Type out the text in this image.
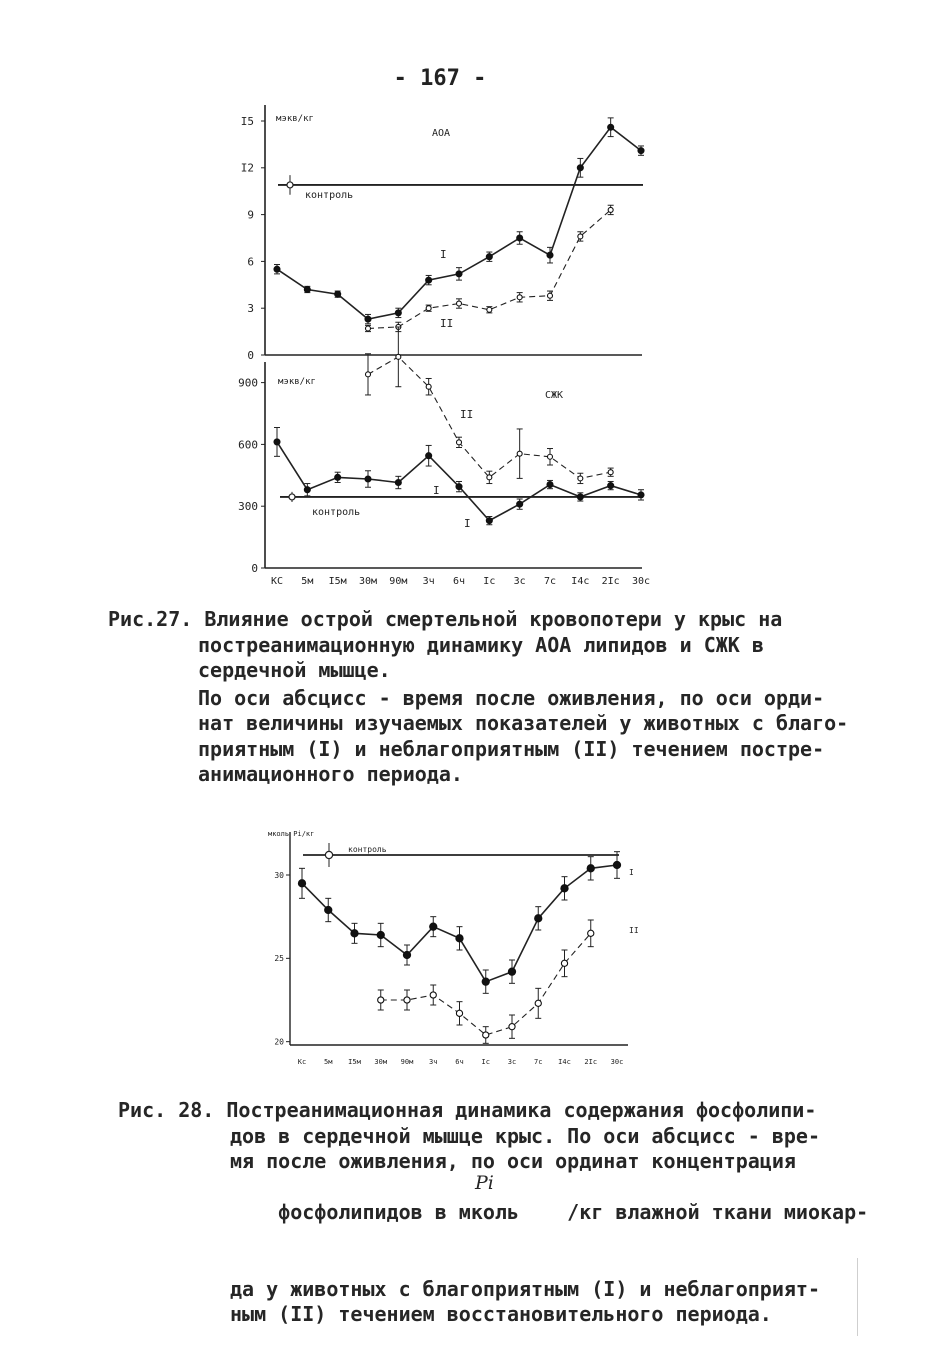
- 167 -
0
3
6
9
I2
I5
0
300
600
900
КС 5м I5м 30м 90м 3ч 6ч Iс 3с 7с I4с 2Iс 30с
мэкв/кг
АОА
контроль
I
II
мэкв/кг
СЖК
II
I
контроль
I
Рис.27. Влияние острой смертельной кровопотери у крыс на
постреанимационную динамику АОА липидов и СЖК в
сердечной мышце.
По оси абсцисс - время после оживления, по оси орди-
нат величины изучаемых показателей у животных с благо-
приятным (I) и неблагоприятным (II) течением постре-
анимационного периода.
20
25
30
Кс	5м I5м 30м 90м 3ч	6ч	Iс	3с	7с I4с 2Iс 30с
мколь Pi/кг
контроль
I
II
Рис. 28. Постреанимационная динамика содержания фосфолипи-
дов в сердечной мышце крыс. По оси абсцисс - вре-
мя после оживления, по оси ординат концентрация

фосфолипидов в мколь    /кг влажной ткани миокар-

Pi

да у животных с благоприятным (I) и неблагоприят-
ным (II) течением восстановительного периода.
